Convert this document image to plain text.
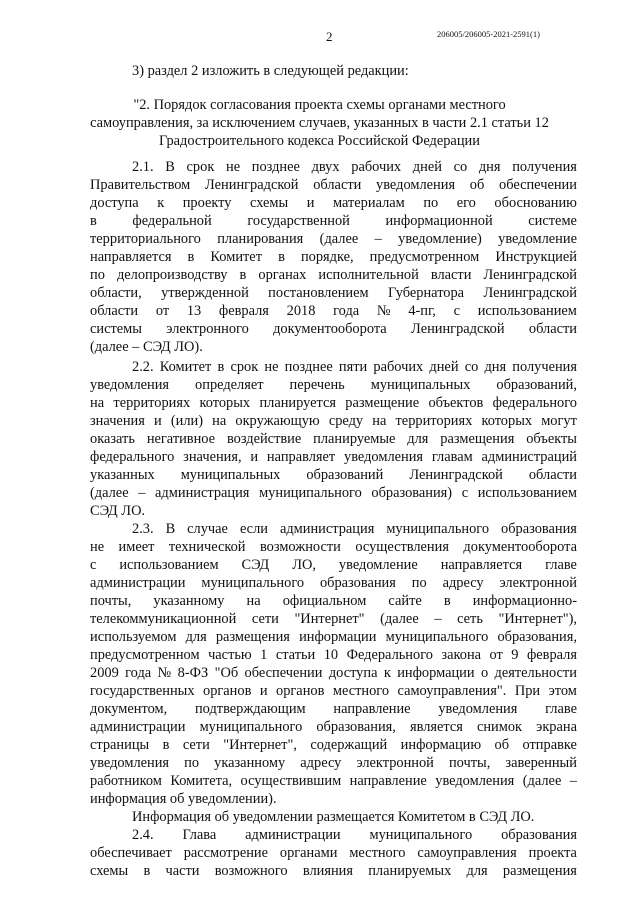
2	206005/206005-2021-2591(1)
3) раздел 2 изложить в следующей редакции:
"2. Порядок согласования проекта схемы органами местного
самоуправления, за исключением случаев, указанных в части 2.1 статьи 12
Градостроительного кодекса Российской Федерации
2.1. В срок не позднее двух рабочих дней со дня получения
Правительством Ленинградской области уведомления об обеспечении
доступа к проекту схемы и материалам по его обоснованию
в федеральной государственной информационной системе
территориального планирования (далее – уведомление) уведомление
направляется в Комитет в порядке, предусмотренном Инструкцией
по делопроизводству в органах исполнительной власти Ленинградской
области, утвержденной постановлением Губернатора Ленинградской
области от 13 февраля 2018 года № 4-пг, с использованием
системы электронного документооборота Ленинградской области
(далее – СЭД ЛО).
2.2. Комитет в срок не позднее пяти рабочих дней со дня получения
уведомления определяет перечень муниципальных образований,
на территориях которых планируется размещение объектов федерального
значения и (или) на окружающую среду на территориях которых могут
оказать негативное воздействие планируемые для размещения объекты
федерального значения, и направляет уведомления главам администраций
указанных муниципальных образований Ленинградской области
(далее – администрация муниципального образования) с использованием
СЭД ЛО.
2.3. В случае если администрация муниципального образования
не имеет технической возможности осуществления документооборота
с использованием СЭД ЛО, уведомление направляется главе
администрации муниципального образования по адресу электронной
почты, указанному на официальном сайте в информационно-
телекоммуникационной сети "Интернет" (далее – сеть "Интернет"),
используемом для размещения информации муниципального образования,
предусмотренном частью 1 статьи 10 Федерального закона от 9 февраля
2009 года № 8-ФЗ "Об обеспечении доступа к информации о деятельности
государственных органов и органов местного самоуправления". При этом
документом, подтверждающим направление уведомления главе
администрации муниципального образования, является снимок экрана
страницы в сети "Интернет", содержащий информацию об отправке
уведомления по указанному адресу электронной почты, заверенный
работником Комитета, осуществившим направление уведомления (далее –
информация об уведомлении).
Информация об уведомлении размещается Комитетом в СЭД ЛО.
2.4. Глава администрации муниципального образования
обеспечивает рассмотрение органами местного самоуправления проекта
схемы в части возможного влияния планируемых для размещения
